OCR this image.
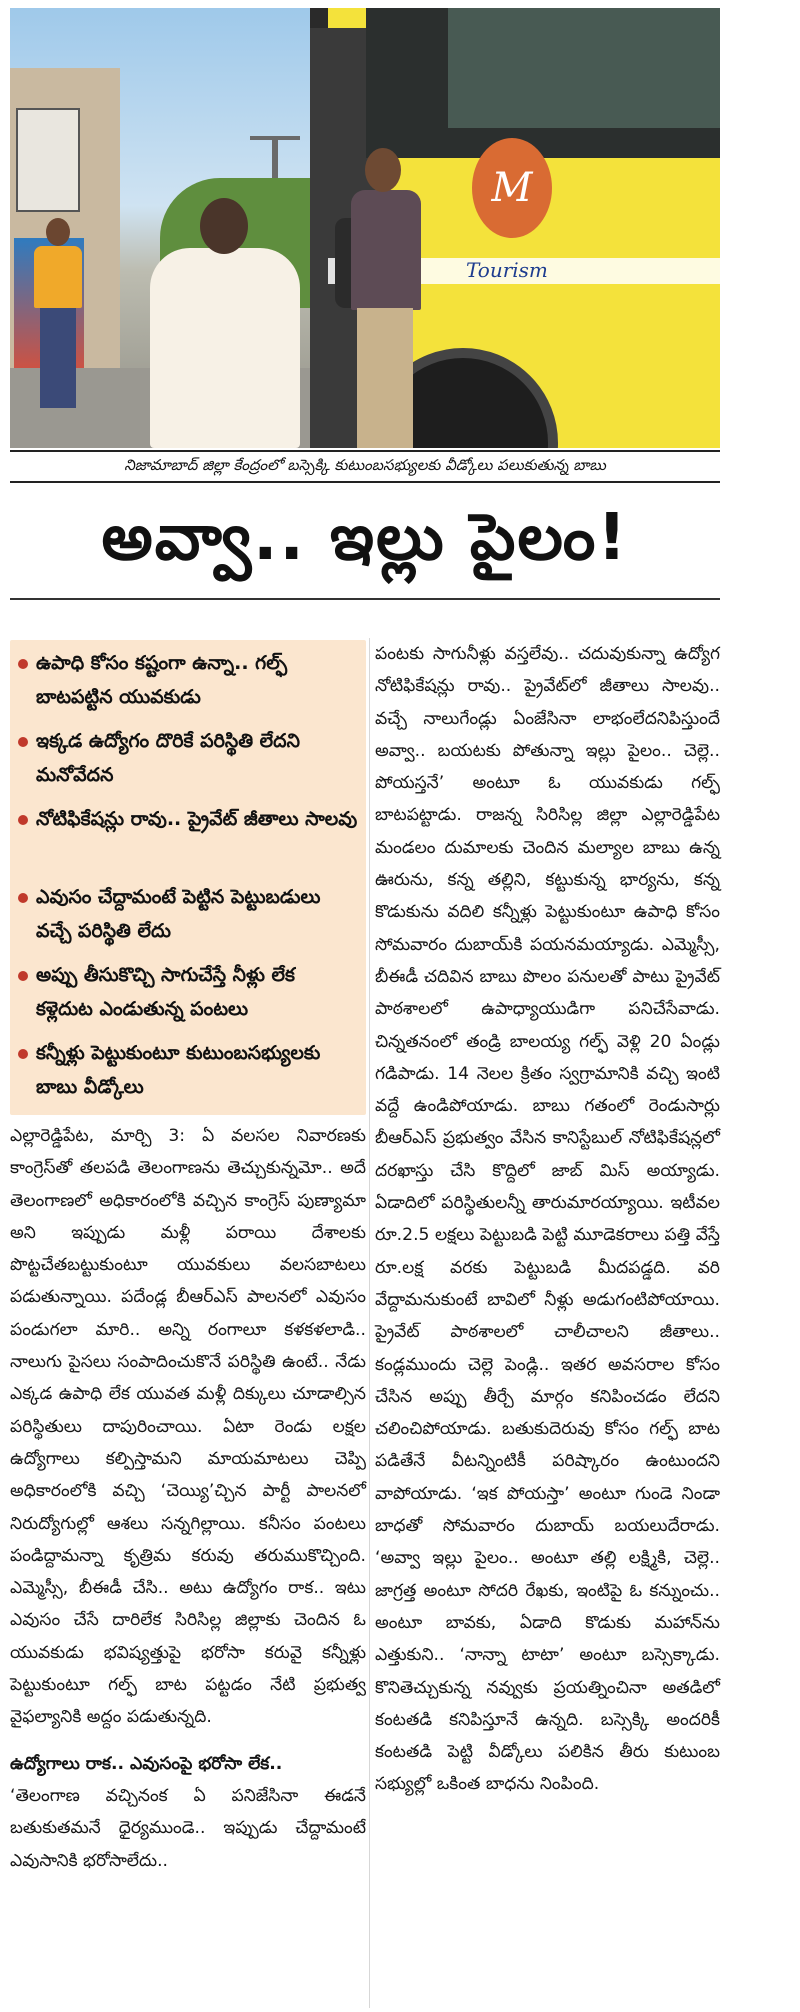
M
Tourism
నిజామాబాద్ జిల్లా కేంద్రంలో బస్సెక్కి కుటుంబసభ్యులకు వీడ్కోలు పలుకుతున్న బాబు
అవ్వా.. ఇల్లు పైలం!
ఉపాధి కోసం కష్టంగా ఉన్నా.. గల్ఫ్ బాటపట్టిన యువకుడు
ఇక్కడ ఉద్యోగం దొరికే పరిస్థితి లేదని మనోవేదన
నోటిఫికేషన్లు రావు.. ప్రైవేట్ జీతాలు సాలవు
ఎవుసం చేద్దామంటే పెట్టిన పెట్టుబడులు వచ్చే పరిస్థితి లేదు
అప్పు తీసుకొచ్చి సాగుచేస్తే నీళ్లు లేక కళ్లెదుట ఎండుతున్న పంటలు
కన్నీళ్లు పెట్టుకుంటూ కుటుంబసభ్యులకు బాబు వీడ్కోలు

ఎల్లారెడ్డిపేట, మార్చి 3: ఏ వలసల నివారణకు కాంగ్రెస్‌తో తలపడి తెలంగాణను తెచ్చుకున్నమో.. అదే తెలంగాణలో అధికారంలోకి వచ్చిన కాంగ్రెస్ పుణ్యామా అని ఇప్పుడు మళ్లీ పరాయి దేశాలకు పొట్టచేతబట్టుకుంటూ యువకులు వలసబాటలు పడుతున్నాయి. పదేండ్ల బీఆర్ఎస్ పాలనలో ఎవుసం పండుగలా మారి.. అన్ని రంగాలూ కళకళలాడి.. నాలుగు పైసలు సంపాదించుకొనే పరిస్థితి ఉంటే.. నేడు ఎక్కడ ఉపాధి లేక యువత మళ్లీ దిక్కులు చూడాల్సిన పరిస్థితులు దాపురించాయి. ఏటా రెండు లక్షల ఉద్యోగాలు కల్పిస్తామని మాయమాటలు చెప్పి అధికారంలోకి వచ్చి ‘చెయ్యి’చ్చిన పార్టీ పాలనలో నిరుద్యోగుల్లో ఆశలు సన్నగిల్లాయి. కనీసం పంటలు పండిద్దామన్నా కృత్రిమ కరువు తరుముకొచ్చింది. ఎమ్మెస్సీ, బీఈడీ చేసి.. అటు ఉద్యోగం రాక.. ఇటు ఎవుసం చేసే దారిలేక సిరిసిల్ల జిల్లాకు చెందిన ఓ యువకుడు భవిష్యత్తుపై భరోసా కరువై కన్నీళ్లు పెట్టుకుంటూ గల్ఫ్ బాట పట్టడం నేటి ప్రభుత్వ వైఫల్యానికి అద్దం పడుతున్నది.

ఉద్యోగాలు రాక.. ఎవుసంపై భరోసా లేక..

‘తెలంగాణ వచ్చినంక ఏ పనిజేసినా ఈడనే బతుకుతమనే ధైర్యముండె.. ఇప్పుడు చేద్దామంటే ఎవుసానికి భరోసాలేదు..

పంటకు సాగునీళ్లు వస్తలేవు.. చదువుకున్నా ఉద్యోగ నోటిఫికేషన్లు రావు.. ప్రైవేట్‌లో జీతాలు సాలవు.. వచ్చే నాలుగేండ్లు ఏంజేసినా లాభంలేదనిపిస్తుందే అవ్వా.. బయటకు పోతున్నా ఇల్లు పైలం.. చెల్లె.. పోయస్తనే’ అంటూ ఓ యువకుడు గల్ఫ్ బాటపట్టాడు. రాజన్న సిరిసిల్ల జిల్లా ఎల్లారెడ్డిపేట మండలం దుమాలకు చెందిన మల్యాల బాబు ఉన్న ఊరును, కన్న తల్లిని, కట్టుకున్న భార్యను, కన్న కొడుకును వదిలి కన్నీళ్లు పెట్టుకుంటూ ఉపాధి కోసం సోమవారం దుబాయ్‌కి పయనమయ్యాడు. ఎమ్మెస్సీ, బీఈడీ చదివిన బాబు పొలం పనులతో పాటు ప్రైవేట్ పాఠశాలలో ఉపాధ్యాయుడిగా పనిచేసేవాడు. చిన్నతనంలో తండ్రి బాలయ్య గల్ఫ్ వెళ్లి 20 ఏండ్లు గడిపాడు. 14 నెలల క్రితం స్వగ్రామానికి వచ్చి ఇంటి వద్దే ఉండిపోయాడు. బాబు గతంలో రెండుసార్లు బీఆర్ఎస్ ప్రభుత్వం వేసిన కానిస్టేబుల్ నోటిఫికేషన్లలో దరఖాస్తు చేసి కొద్దిలో జాబ్ మిస్ అయ్యాడు. ఏడాదిలో పరిస్థితులన్నీ తారుమారయ్యాయి. ఇటీవల రూ.2.5 లక్షలు పెట్టుబడి పెట్టి మూడెకరాలు పత్తి వేస్తే రూ.లక్ష వరకు పెట్టుబడి మీదపడ్డది. వరి వేద్దామనుకుంటే బావిలో నీళ్లు అడుగంటిపోయాయి. ప్రైవేట్ పాఠశాలలో చాలీచాలని జీతాలు.. కండ్లముందు చెల్లె పెండ్లి.. ఇతర అవసరాల కోసం చేసిన అప్పు తీర్చే మార్గం కనిపించడం లేదని చలించిపోయాడు. బతుకుదెరువు కోసం గల్ఫ్ బాట పడితేనే వీటన్నింటికీ పరిష్కారం ఉంటుందని వాపోయాడు. ‘ఇక పోయస్తా’ అంటూ గుండె నిండా బాధతో సోమవారం దుబాయ్ బయలుదేరాడు. ‘అవ్వా ఇల్లు పైలం.. అంటూ తల్లి లక్ష్మికి, చెల్లె.. జాగ్రత్త అంటూ సోదరి రేఖకు, ఇంటిపై ఓ కన్నుంచు.. అంటూ బావకు, ఏడాది కొడుకు మహాన్‌ను ఎత్తుకుని.. ‘నాన్నా టాటా’ అంటూ బస్సెక్కాడు. కొనితెచ్చుకున్న నవ్వుకు ప్రయత్నించినా అతడిలో కంటతడి కనిపిస్తూనే ఉన్నది. బస్సెక్కి అందరికీ కంటతడి పెట్టి వీడ్కోలు పలికిన తీరు కుటుంబ సభ్యుల్లో ఒకింత బాధను నింపింది.
